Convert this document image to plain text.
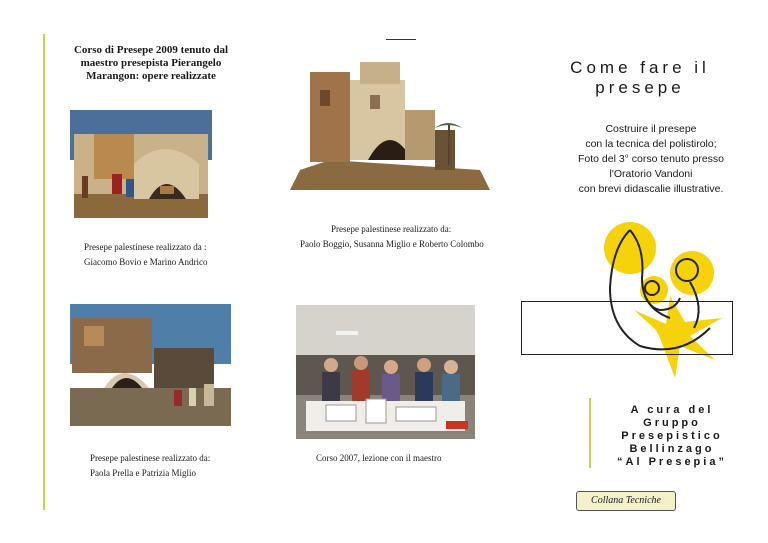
Corso di Presepe 2009 tenuto dal maestro presepista Pierangelo Marangon: opere realizzate
Presepe palestinese realizzato da :
Giacomo Bovio e Marino Andrico
Presepe palestinese realizzato da:
Paola Prella e Patrizia Miglio
Presepe palestinese realizzato da:
Paolo Boggio, Susanna Miglio e Roberto Colombo
Corso 2007, lezione con il maestro
Come fare il
presepe
Costruire il presepe
con la tecnica del polistirolo;
Foto del 3° corso tenuto presso
l'Oratorio Vandoni
con brevi didascalie illustrative.
A cura del
Gruppo
Presepistico
Bellinzago
“Al Presepia”
Collana Tecniche
